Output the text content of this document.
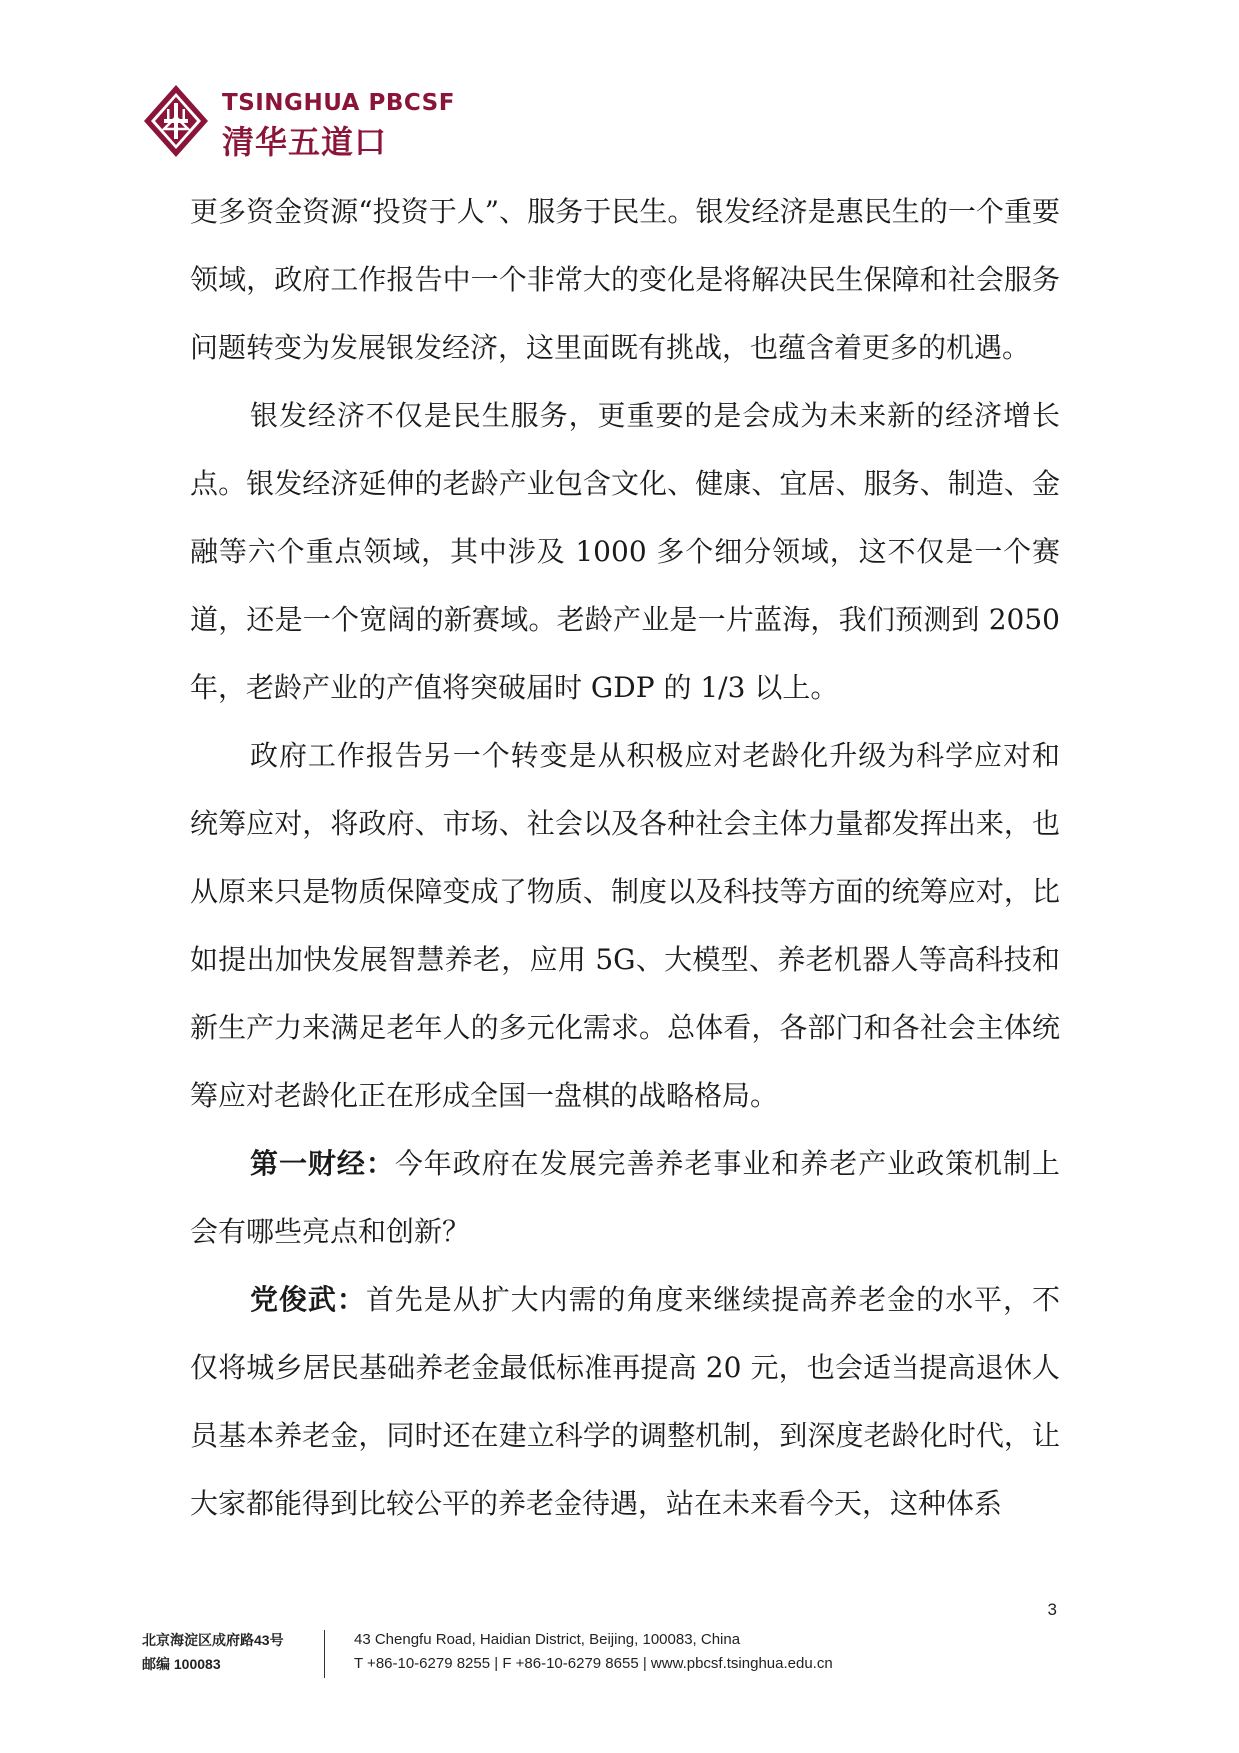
TSINGHUA PBCSF
清华五道口

更多资金资源“投资于人”、服务于民生。银发经济是惠民生的一个重要领域，政府工作报告中一个非常大的变化是将解决民生保障和社会服务问题转变为发展银发经济，这里面既有挑战，也蕴含着更多的机遇。

银发经济不仅是民生服务，更重要的是会成为未来新的经济增长点。银发经济延伸的老龄产业包含文化、健康、宜居、服务、制造、金融等六个重点领域，其中涉及 1000 多个细分领域，这不仅是一个赛道，还是一个宽阔的新赛域。老龄产业是一片蓝海，我们预测到 2050 年，老龄产业的产值将突破届时 GDP 的 1/3 以上。

政府工作报告另一个转变是从积极应对老龄化升级为科学应对和统筹应对，将政府、市场、社会以及各种社会主体力量都发挥出来，也从原来只是物质保障变成了物质、制度以及科技等方面的统筹应对，比如提出加快发展智慧养老，应用 5G、大模型、养老机器人等高科技和新生产力来满足老年人的多元化需求。总体看，各部门和各社会主体统筹应对老龄化正在形成全国一盘棋的战略格局。

第一财经：今年政府在发展完善养老事业和养老产业政策机制上会有哪些亮点和创新？

党俊武：首先是从扩大内需的角度来继续提高养老金的水平，不仅将城乡居民基础养老金最低标准再提高 20 元，也会适当提高退休人员基本养老金，同时还在建立科学的调整机制，到深度老龄化时代，让大家都能得到比较公平的养老金待遇，站在未来看今天，这种体系

3
北京海淀区成府路43号
邮编 100083
43 Chengfu Road, Haidian District, Beijing, 100083, China
T +86-10-6279 8255 | F +86-10-6279 8655 | www.pbcsf.tsinghua.edu.cn
